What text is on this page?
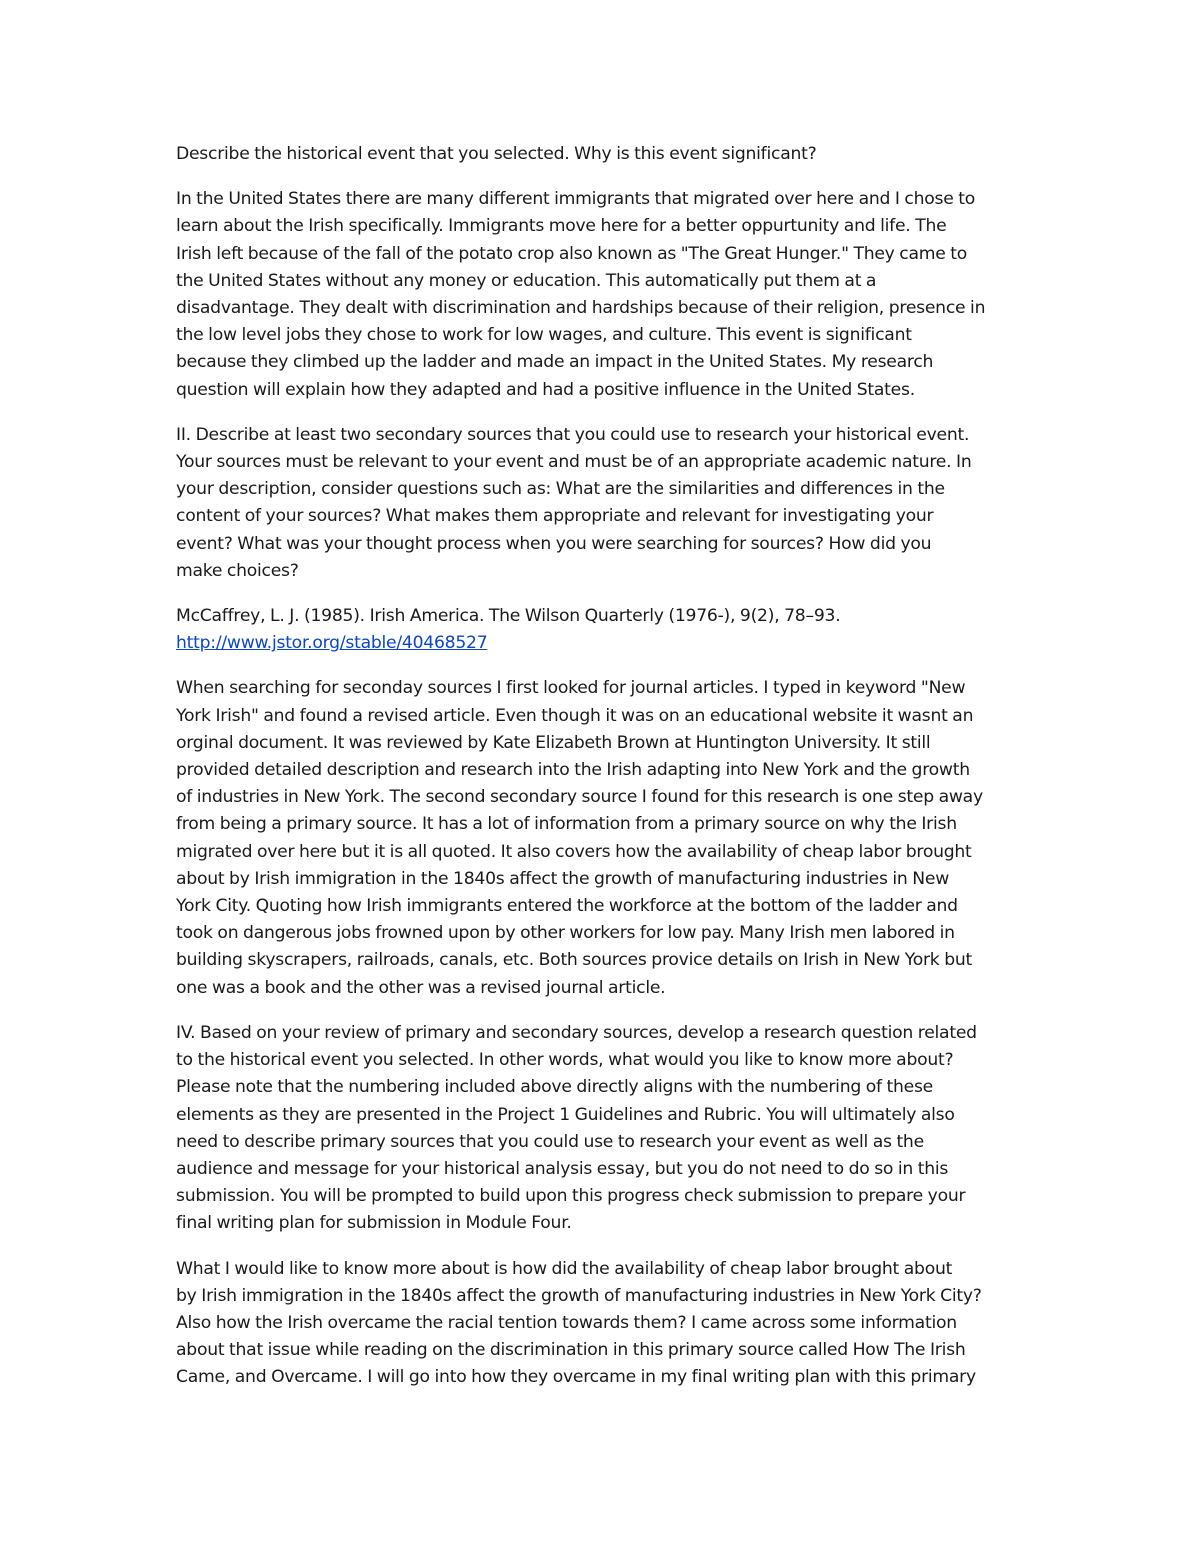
Describe the historical event that you selected. Why is this event significant?

In the United States there are many different immigrants that migrated over here and I chose to
learn about the Irish specifically. Immigrants move here for a better oppurtunity and life. The
Irish left because of the fall of the potato crop also known as "The Great Hunger." They came to
the United States without any money or education. This automatically put them at a
disadvantage. They dealt with discrimination and hardships because of their religion, presence in
the low level jobs they chose to work for low wages, and culture. This event is significant
because they climbed up the ladder and made an impact in the United States. My research
question will explain how they adapted and had a positive influence in the United States.

II. Describe at least two secondary sources that you could use to research your historical event.
Your sources must be relevant to your event and must be of an appropriate academic nature. In
your description, consider questions such as: What are the similarities and differences in the
content of your sources? What makes them appropriate and relevant for investigating your
event? What was your thought process when you were searching for sources? How did you
make choices?

McCaffrey, L. J. (1985). Irish America. The Wilson Quarterly (1976-), 9(2), 78–93.
http://www.jstor.org/stable/40468527

When searching for seconday sources I first looked for journal articles. I typed in keyword "New
York Irish" and found a revised article. Even though it was on an educational website it wasnt an
orginal document. It was reviewed by Kate Elizabeth Brown at Huntington University. It still
provided detailed description and research into the Irish adapting into New York and the growth
of industries in New York. The second secondary source I found for this research is one step away
from being a primary source. It has a lot of information from a primary source on why the Irish
migrated over here but it is all quoted. It also covers how the availability of cheap labor brought
about by Irish immigration in the 1840s affect the growth of manufacturing industries in New
York City. Quoting how Irish immigrants entered the workforce at the bottom of the ladder and
took on dangerous jobs frowned upon by other workers for low pay. Many Irish men labored in
building skyscrapers, railroads, canals, etc. Both sources provice details on Irish in New York but
one was a book and the other was a revised journal article.

IV. Based on your review of primary and secondary sources, develop a research question related
to the historical event you selected. In other words, what would you like to know more about?
Please note that the numbering included above directly aligns with the numbering of these
elements as they are presented in the Project 1 Guidelines and Rubric. You will ultimately also
need to describe primary sources that you could use to research your event as well as the
audience and message for your historical analysis essay, but you do not need to do so in this
submission. You will be prompted to build upon this progress check submission to prepare your
final writing plan for submission in Module Four.

What I would like to know more about is how did the availability of cheap labor brought about
by Irish immigration in the 1840s affect the growth of manufacturing industries in New York City?
Also how the Irish overcame the racial tention towards them? I came across some information
about that issue while reading on the discrimination in this primary source called How The Irish
Came, and Overcame. I will go into how they overcame in my final writing plan with this primary
